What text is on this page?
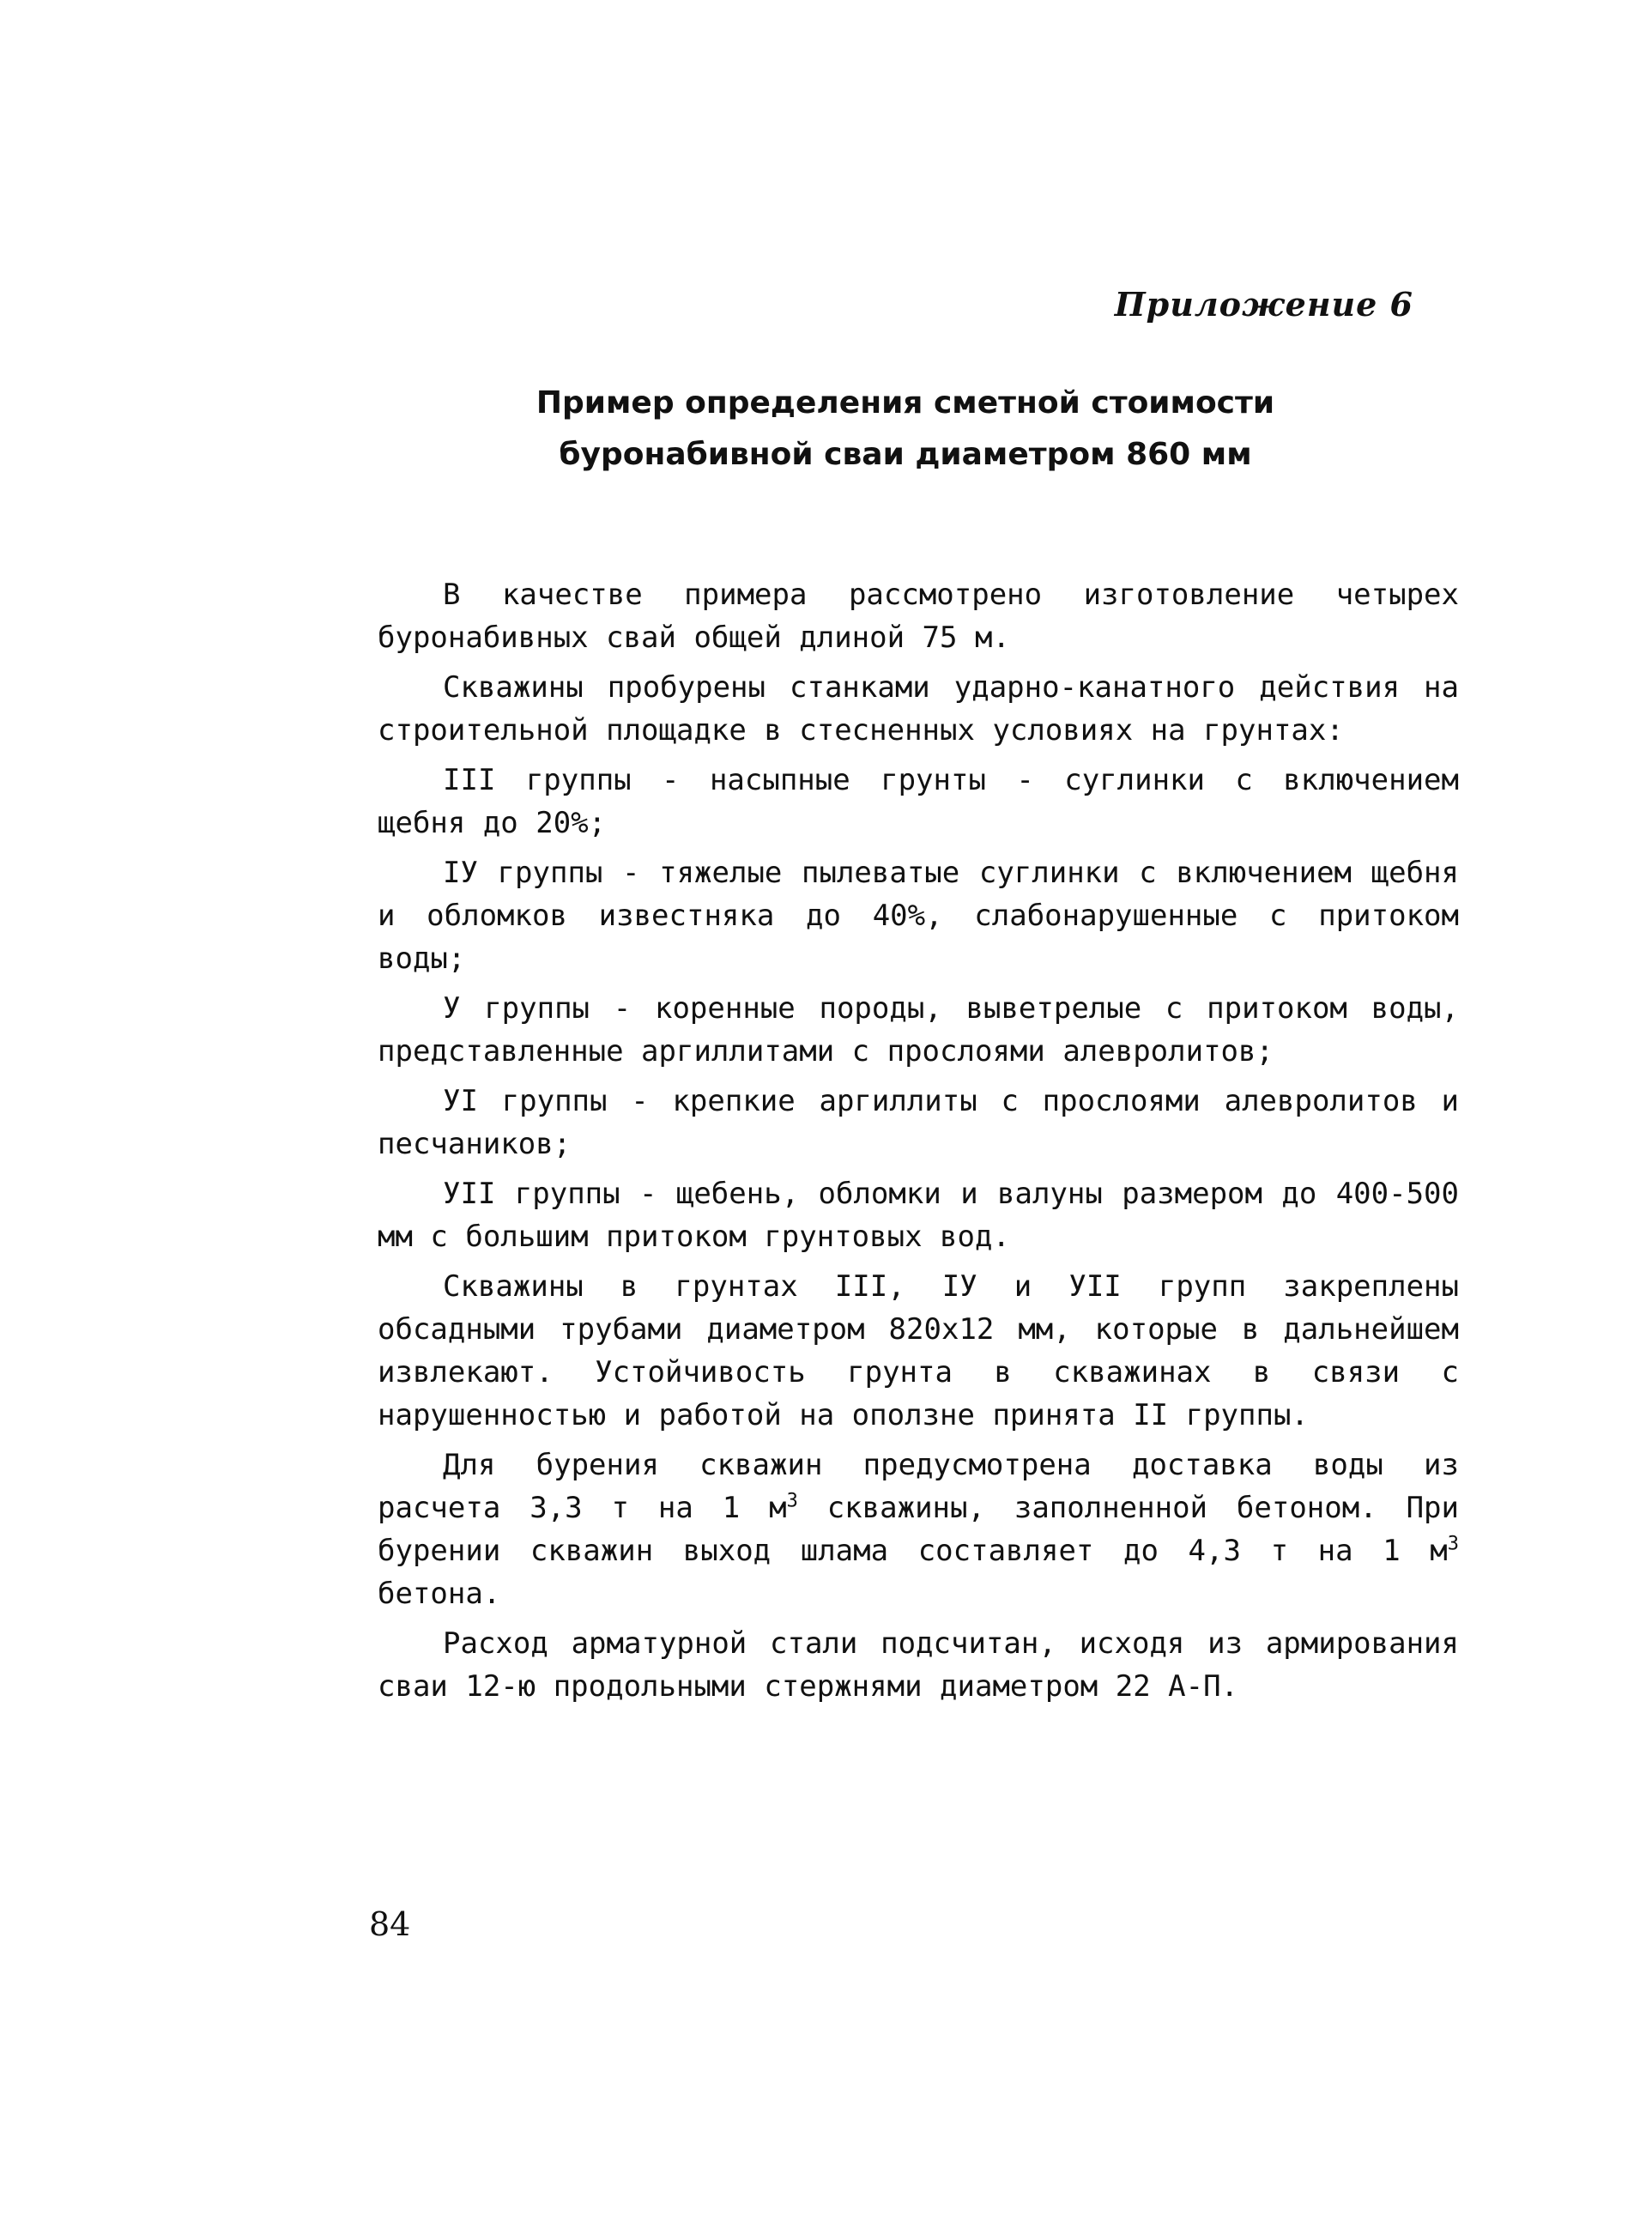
Приложение 6
Пример определения сметной стоимости
буронабивной сваи диаметром 860 мм

В качестве примера рассмотрено изготовление четырех буронабивных свай общей длиной 75 м.

Скважины пробурены станками ударно-канатного действия на строительной площадке в стесненных условиях на грунтах:

III группы - насыпные грунты - суглинки с включением щебня до 20%;

IУ группы - тяжелые пылеватые суглинки с включением щебня и обломков известняка до 40%, слабонарушенные с притоком воды;

У группы - коренные породы, выветрелые с притоком воды, представленные аргиллитами с прослоями алевролитов;

УI группы - крепкие аргиллиты с прослоями алевролитов и песчаников;

УII группы - щебень, обломки и валуны размером до 400-500 мм с большим притоком грунтовых вод.

Скважины в грунтах III, IУ и УII групп закреплены обсадными трубами диаметром 820х12 мм, которые в дальнейшем извлекают. Устойчивость грунта в скважинах в связи с нарушенностью и работой на оползне принята II группы.

Для бурения скважин предусмотрена доставка воды из расчета 3,3 т на 1 $м^3$ скважины, заполненной бетоном. При бурении скважин выход шлама составляет до 4,3 т на 1 $м^3$ бетона.

Расход арматурной стали подсчитан, исходя из армирования сваи 12-ю продольными стержнями диаметром 22 А-П.

84
